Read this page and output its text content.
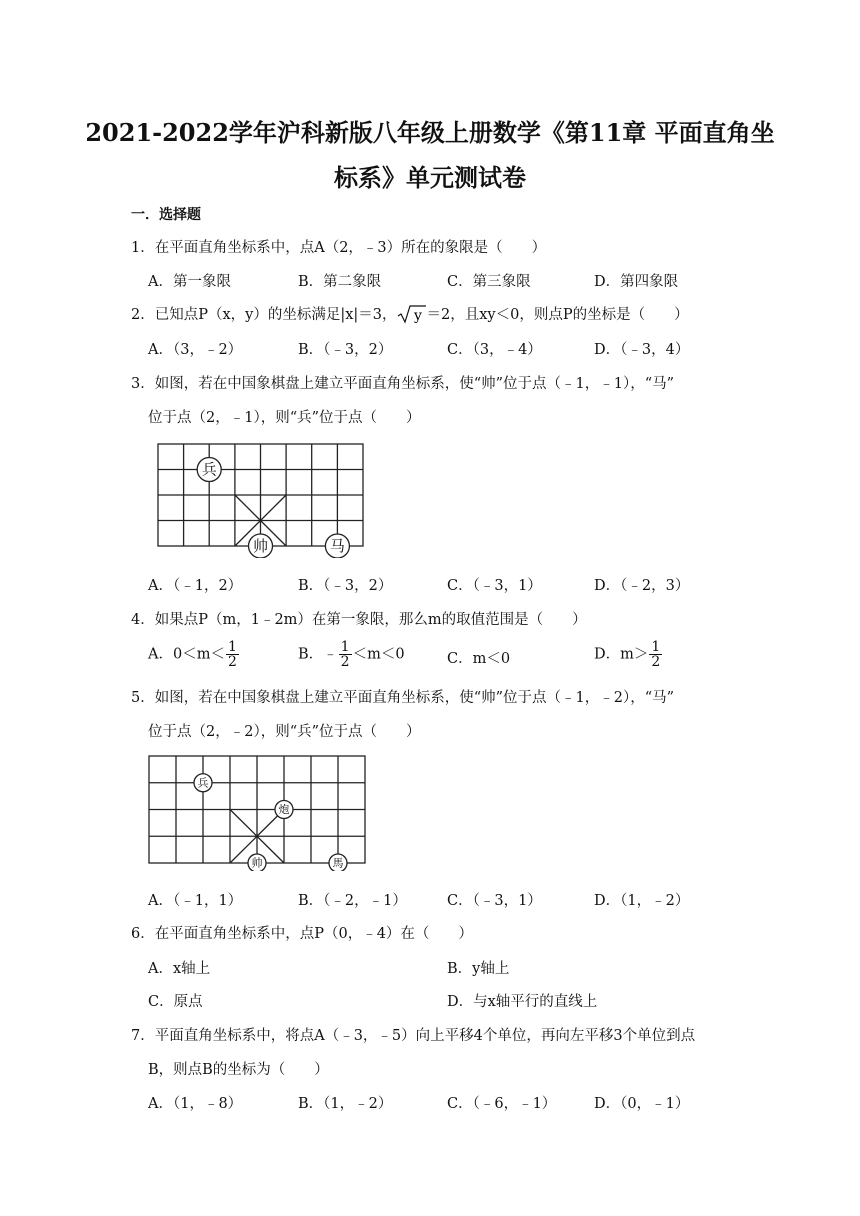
2021-2022学年沪科新版八年级上册数学《第11章 平面直角坐
标系》单元测试卷
一．选择题
1．在平面直角坐标系中，点A（2，﹣3）所在的象限是（　　）
A．第一象限	B．第二象限	C．第三象限	D．第四象限
2．已知点P（x，y）的坐标满足|x|＝3， y ＝2，且xy＜0，则点P的坐标是（　　）
A．（3，﹣2）	B．（﹣3，2）	C．（3，﹣4）	D．（﹣3，4）
3．如图，若在中国象棋盘上建立平面直角坐标系，使“帅”位于点（﹣1，﹣1），“马”
位于点（2，﹣1），则“兵”位于点（　　）
兵
帅	马
A．（﹣1，2）	B．（﹣3，2）	C．（﹣3，1）	D．（﹣2，3）
4．如果点P（m，1﹣2m）在第一象限，那么m的取值范围是（　　）
A．$0<m< \frac{1}{2}$	B．﹣ $\frac{1}{2} <m<0$	C．m＜0	D．$m> \frac{1}{2}$
5．如图，若在中国象棋盘上建立平面直角坐标系，使“帅”位于点（﹣1，﹣2），“马”
位于点（2，﹣2），则“兵”位于点（　　）
兵
炮
帅	馬
A．（﹣1，1）	B．（﹣2，﹣1）	C．（﹣3，1）	D．（1，﹣2）
6．在平面直角坐标系中，点P（0，﹣4）在（　　）
A．x轴上	B．y轴上
C．原点	D．与x轴平行的直线上
7．平面直角坐标系中，将点A（﹣3，﹣5）向上平移4个单位，再向左平移3个单位到点
B，则点B的坐标为（　　）
A．（1，﹣8）	B．（1，﹣2）	C．（﹣6，﹣1）	D．（0，﹣1）
